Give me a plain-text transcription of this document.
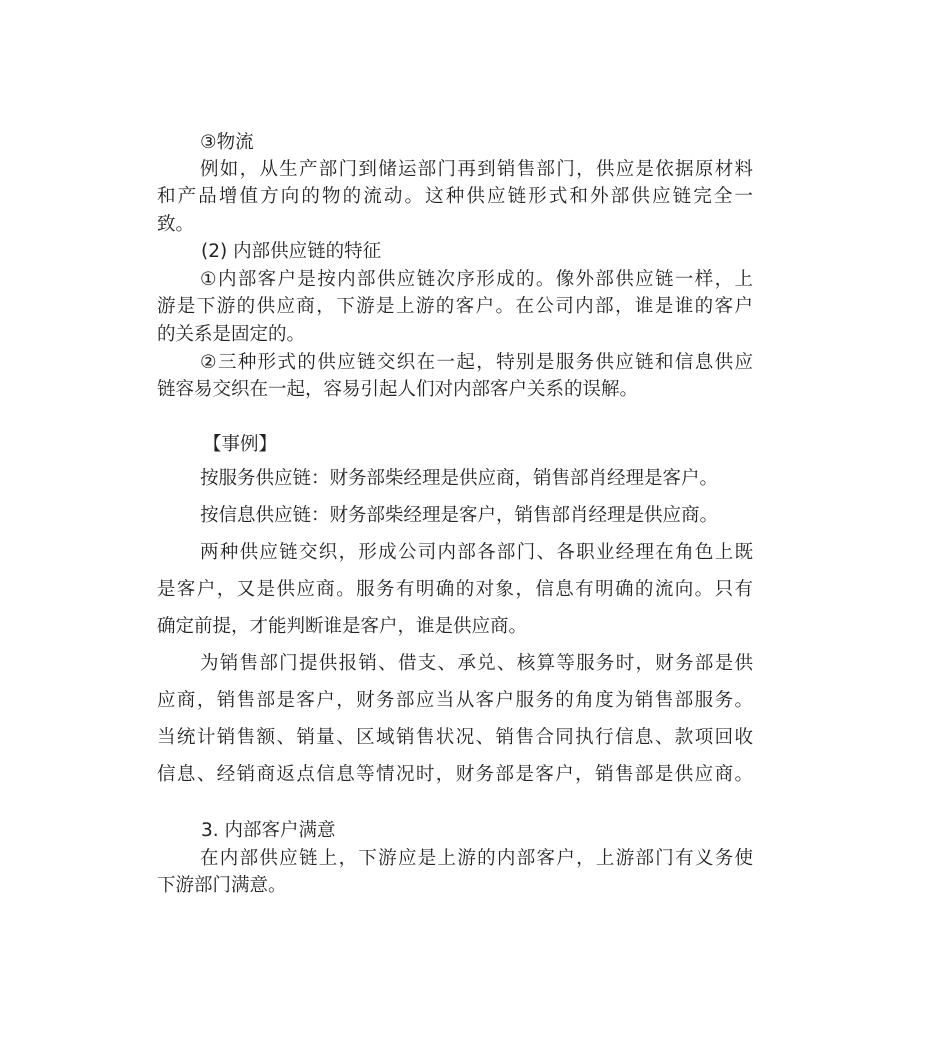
③物流

例如，从生产部门到储运部门再到销售部门，供应是依据原材料

和产品增值方向的物的流动。这种供应链形式和外部供应链完全一

致。

(2) 内部供应链的特征

①内部客户是按内部供应链次序形成的。像外部供应链一样，上

游是下游的供应商，下游是上游的客户。在公司内部，谁是谁的客户

的关系是固定的。

②三种形式的供应链交织在一起，特别是服务供应链和信息供应

链容易交织在一起，容易引起人们对内部客户关系的误解。

【事例】

按服务供应链：财务部柴经理是供应商，销售部肖经理是客户。

按信息供应链：财务部柴经理是客户，销售部肖经理是供应商。

两种供应链交织，形成公司内部各部门、各职业经理在角色上既

是客户，又是供应商。服务有明确的对象，信息有明确的流向。只有

确定前提，才能判断谁是客户，谁是供应商。

为销售部门提供报销、借支、承兑、核算等服务时，财务部是供

应商，销售部是客户，财务部应当从客户服务的角度为销售部服务。

当统计销售额、销量、区域销售状况、销售合同执行信息、款项回收

信息、经销商返点信息等情况时，财务部是客户，销售部是供应商。

3. 内部客户满意

在内部供应链上，下游应是上游的内部客户，上游部门有义务使

下游部门满意。
